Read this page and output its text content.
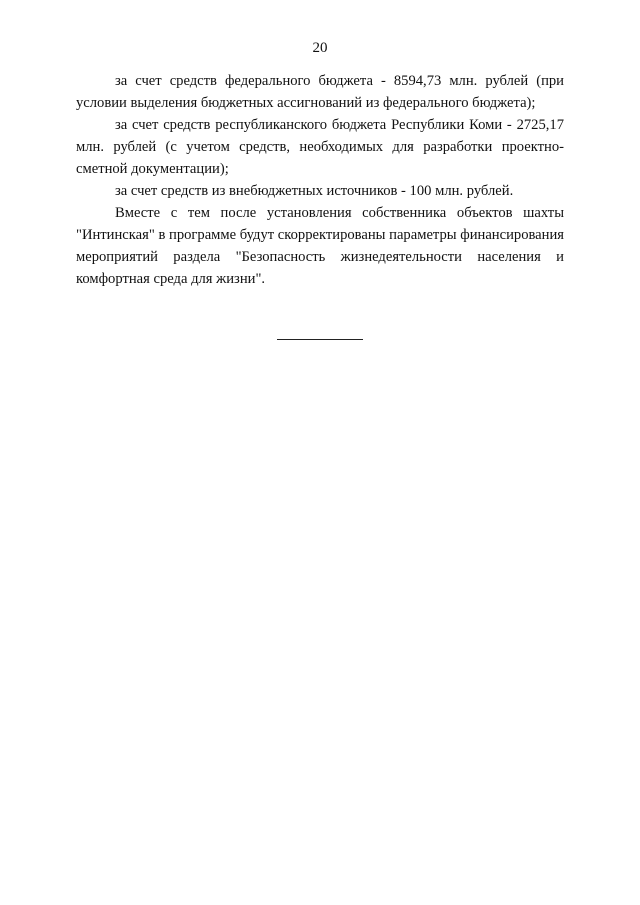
20

за счет средств федерального бюджета - 8594,73 млн. рублей (при условии выделения бюджетных ассигнований из федерального бюджета);

за счет средств республиканского бюджета Республики Коми - 2725,17 млн. рублей (с учетом средств, необходимых для разработки проектно-сметной документации);

за счет средств из внебюджетных источников - 100 млн. рублей.

Вместе с тем после установления собственника объектов шахты "Интинская" в программе будут скорректированы параметры финансирования мероприятий раздела "Безопасность жизнедеятельности населения и комфортная среда для жизни".
